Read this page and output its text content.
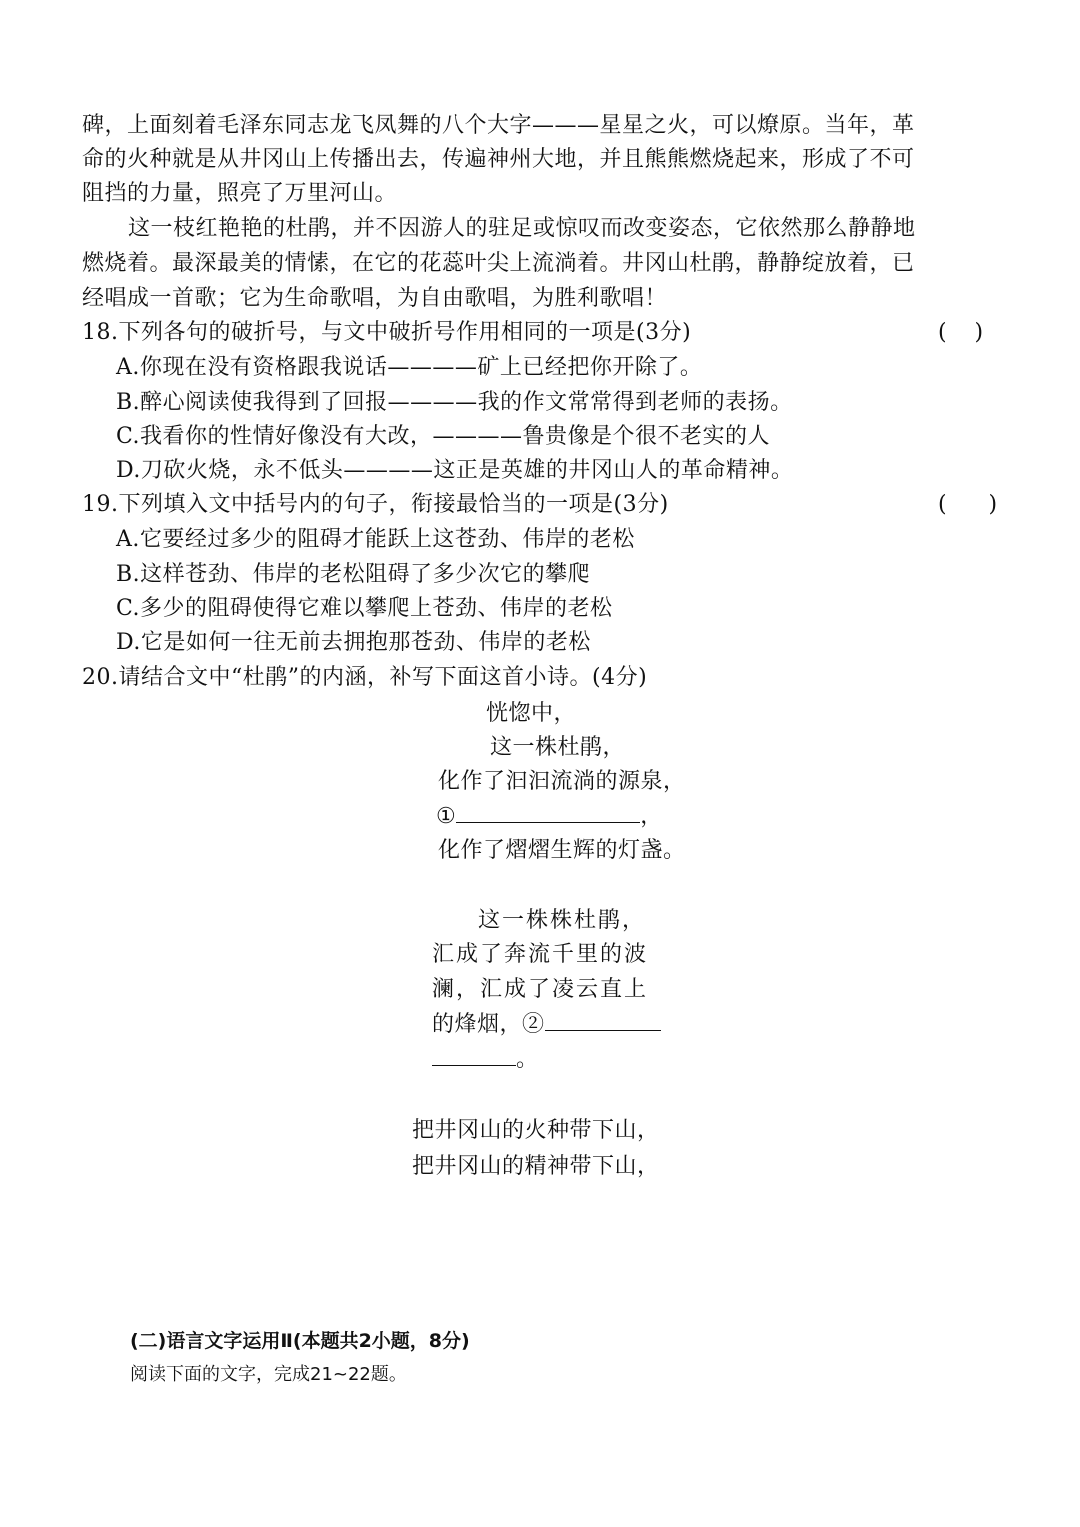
碑，上面刻着毛泽东同志龙飞凤舞的八个大字———星星之火，可以燎原。当年，革
命的火种就是从井冈山上传播出去，传遍神州大地，并且熊熊燃烧起来，形成了不可
阻挡的力量，照亮了万里河山。
这一枝红艳艳的杜鹃，并不因游人的驻足或惊叹而改变姿态，它依然那么静静地
燃烧着。最深最美的情愫，在它的花蕊叶尖上流淌着。井冈山杜鹃，静静绽放着，已
经唱成一首歌；它为生命歌唱，为自由歌唱，为胜利歌唱！
18.下列各句的破折号，与文中破折号作用相同的一项是(3分)	(    )
A.你现在没有资格跟我说话————矿上已经把你开除了。
B.醉心阅读使我得到了回报————我的作文常常得到老师的表扬。
C.我看你的性情好像没有大改，————鲁贵像是个很不老实的人
D.刀砍火烧，永不低头————这正是英雄的井冈山人的革命精神。
19.下列填入文中括号内的句子，衔接最恰当的一项是(3分)	(      )
A.它要经过多少的阻碍才能跃上这苍劲、伟岸的老松
B.这样苍劲、伟岸的老松阻碍了多少次它的攀爬
C.多少的阻碍使得它难以攀爬上苍劲、伟岸的老松
D.它是如何一往无前去拥抱那苍劲、伟岸的老松
20.请结合文中“杜鹃”的内涵，补写下面这首小诗。(4分)
恍惚中，
这一株杜鹃，
化作了汩汩流淌的源泉，
①	，
化作了熠熠生辉的灯盏。
这一株株杜鹃，
汇成了奔流千里的波
澜，汇成了凌云直上
的烽烟，②
。
把井冈山的火种带下山，
把井冈山的精神带下山，
(二)语言文字运用Ⅱ(本题共2小题，8分)
阅读下面的文字，完成21~22题。
